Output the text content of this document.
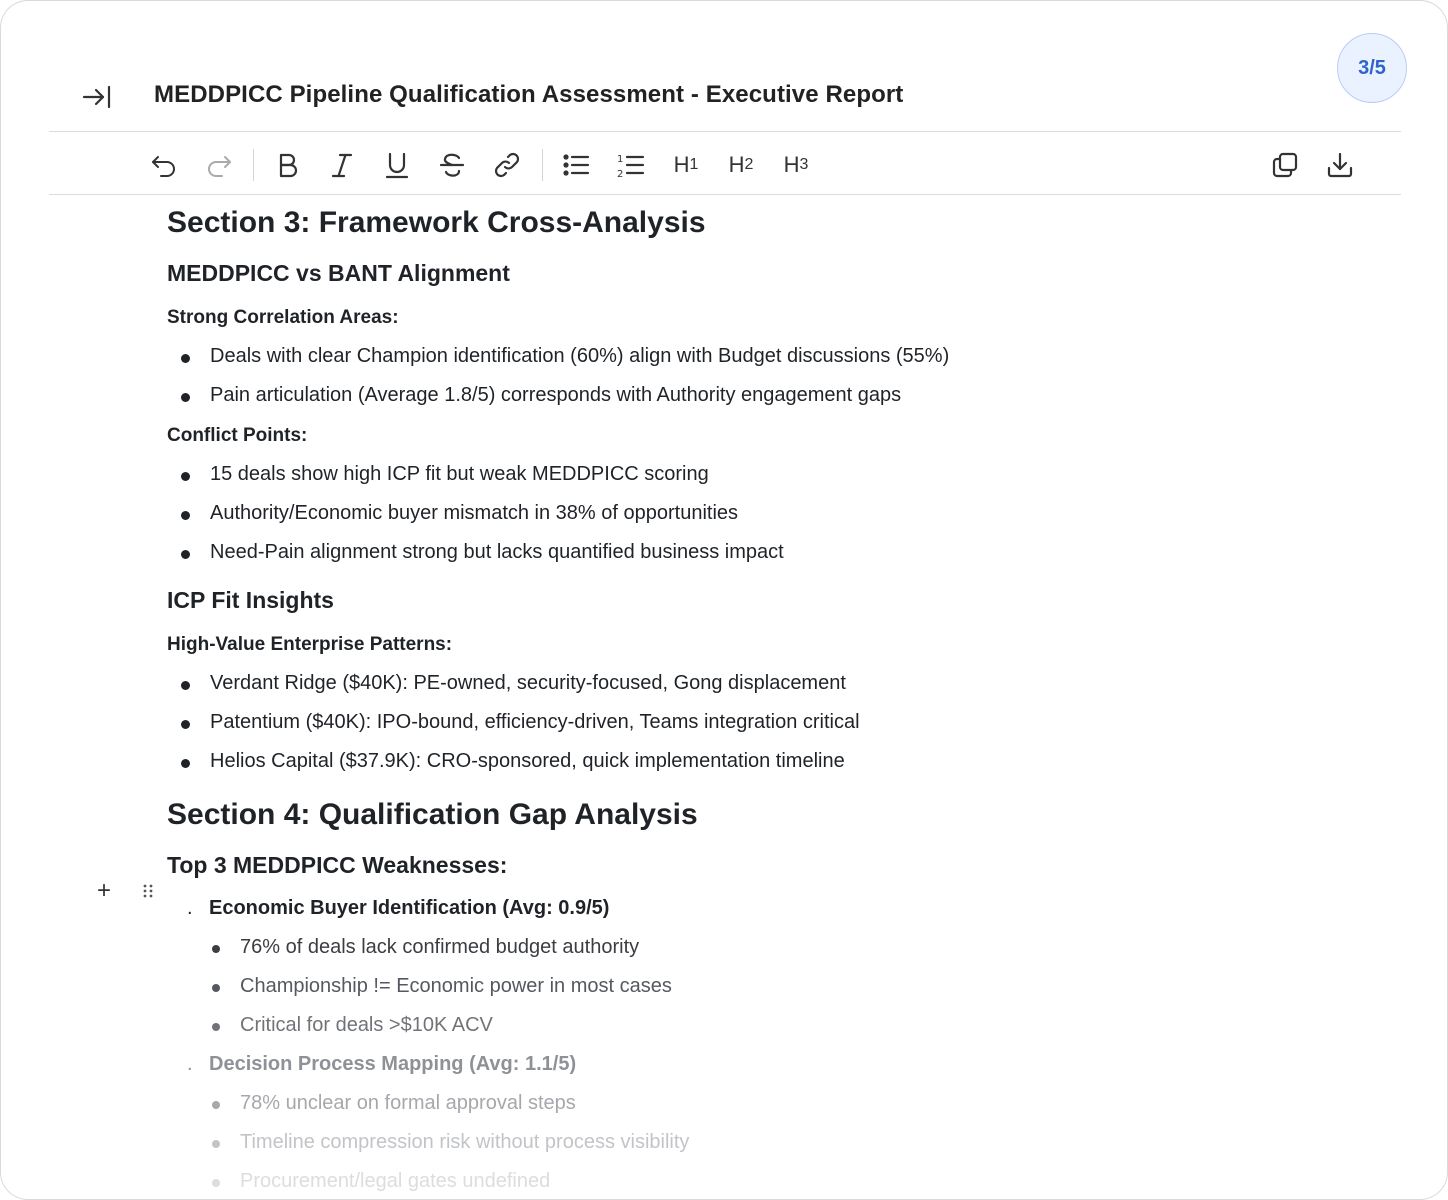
MEDDPICC Pipeline Qualification Assessment - Executive Report
3/5
1
2 H 1 H 2 H 3
Section 3: Framework Cross-Analysis
MEDDPICC vs BANT Alignment
Strong Correlation Areas:
Deals with clear Champion identification (60%) align with Budget discussions (55%)
Pain articulation (Average 1.8/5) corresponds with Authority engagement gaps
Conflict Points:
15 deals show high ICP fit but weak MEDDPICC scoring
Authority/Economic buyer mismatch in 38% of opportunities
Need-Pain alignment strong but lacks quantified business impact
ICP Fit Insights
High-Value Enterprise Patterns:
Verdant Ridge ($40K): PE-owned, security-focused, Gong displacement
Patentium ($40K): IPO-bound, efficiency-driven, Teams integration critical
Helios Capital ($37.9K): CRO-sponsored, quick implementation timeline
Section 4: Qualification Gap Analysis
Top 3 MEDDPICC Weaknesses:
. Economic Buyer Identification (Avg: 0.9/5)
76% of deals lack confirmed budget authority
Championship != Economic power in most cases
Critical for deals >$10K ACV
. Decision Process Mapping (Avg: 1.1/5)
78% unclear on formal approval steps
Timeline compression risk without process visibility
Procurement/legal gates undefined
+
